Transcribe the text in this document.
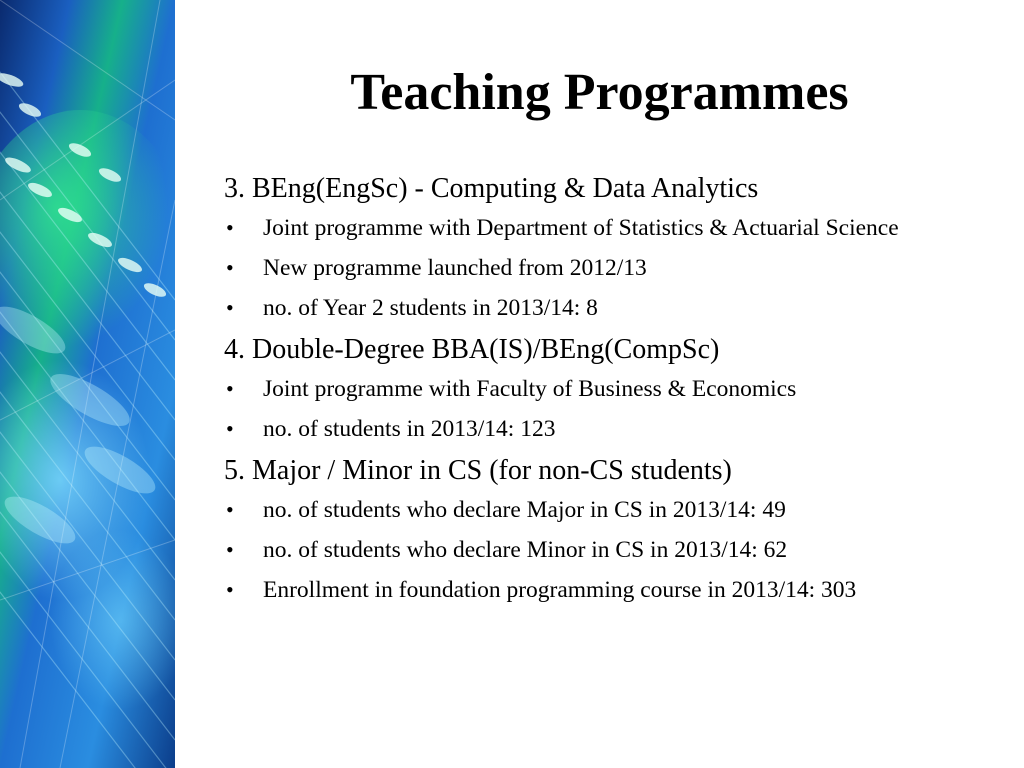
Teaching Programmes

3. BEng(EngSc) - Computing & Data Analytics

• Joint programme with Department of Statistics & Actuarial Science
• New programme launched from 2012/13
• no. of Year 2 students in 2013/14: 8

4. Double-Degree BBA(IS)/BEng(CompSc)

• Joint programme with Faculty of Business & Economics
• no. of students in 2013/14: 123

5. Major / Minor in CS (for non-CS students)

• no. of students who declare Major in CS in 2013/14: 49
• no. of students who declare Minor in CS in 2013/14: 62
• Enrollment in foundation programming course in 2013/14: 303
